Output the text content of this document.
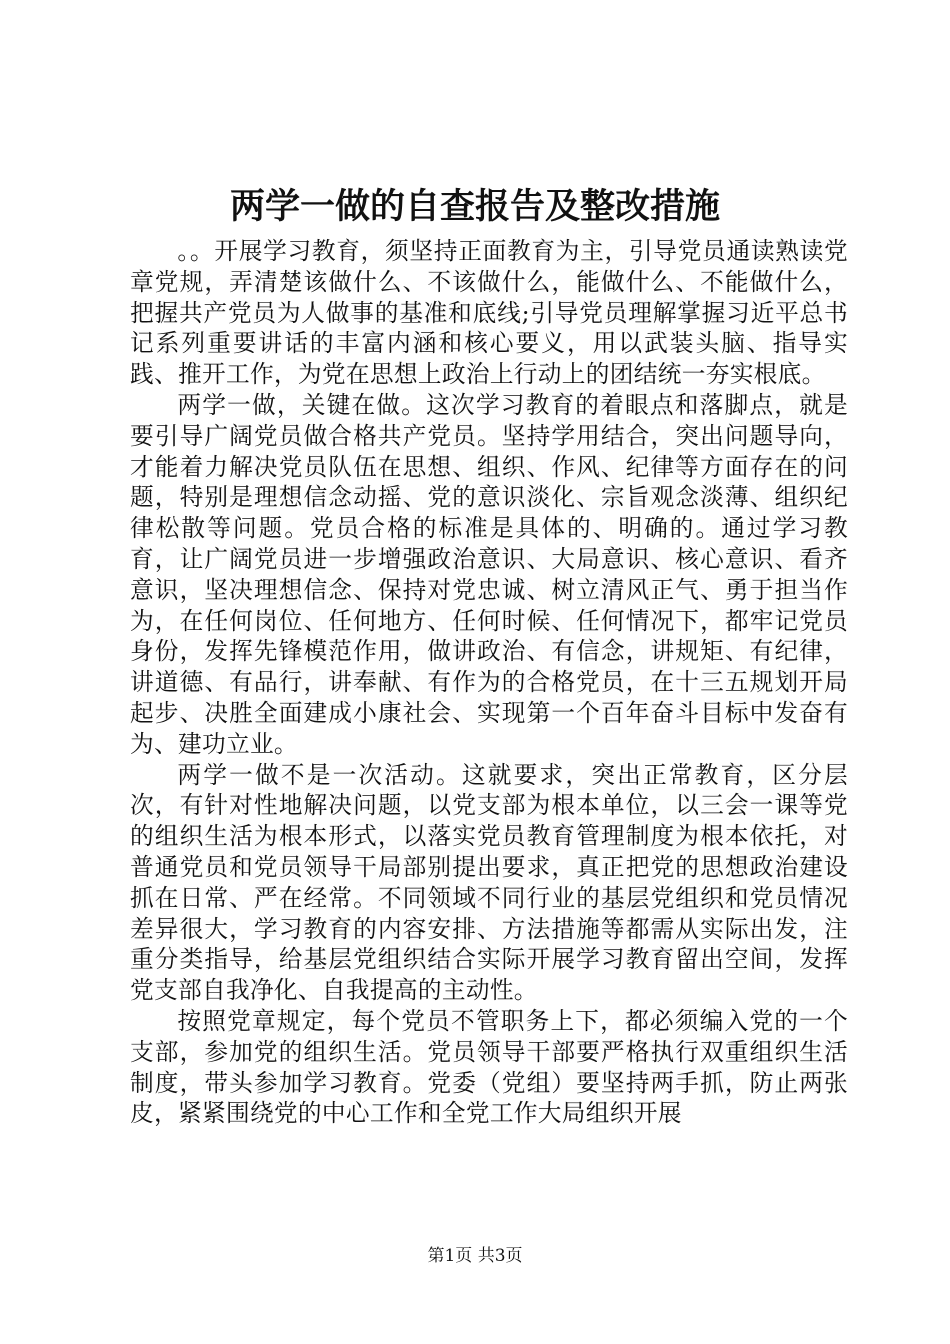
两学一做的自查报告及整改措施

。。开展学习教育，须坚持正面教育为主，引导党员通读熟读党章党规，弄清楚该做什么、不该做什么，能做什么、不能做什么，把握共产党员为人做事的基准和底线;引导党员理解掌握习近平总书记系列重要讲话的丰富内涵和核心要义，用以武装头脑、指导实践、推开工作，为党在思想上政治上行动上的团结统一夯实根底。

两学一做，关键在做。这次学习教育的着眼点和落脚点，就是要引导广阔党员做合格共产党员。坚持学用结合，突出问题导向，才能着力解决党员队伍在思想、组织、作风、纪律等方面存在的问题，特别是理想信念动摇、党的意识淡化、宗旨观念淡薄、组织纪律松散等问题。党员合格的标准是具体的、明确的。通过学习教育，让广阔党员进一步增强政治意识、大局意识、核心意识、看齐意识，坚决理想信念、保持对党忠诚、树立清风正气、勇于担当作为，在任何岗位、任何地方、任何时候、任何情况下，都牢记党员身份，发挥先锋模范作用，做讲政治、有信念，讲规矩、有纪律，讲道德、有品行，讲奉献、有作为的合格党员，在十三五规划开局起步、决胜全面建成小康社会、实现第一个百年奋斗目标中发奋有为、建功立业。

两学一做不是一次活动。这就要求，突出正常教育，区分层次，有针对性地解决问题，以党支部为根本单位，以三会一课等党的组织生活为根本形式，以落实党员教育管理制度为根本依托，对普通党员和党员领导干局部别提出要求，真正把党的思想政治建设抓在日常、严在经常。不同领域不同行业的基层党组织和党员情况差异很大，学习教育的内容安排、方法措施等都需从实际出发，注重分类指导，给基层党组织结合实际开展学习教育留出空间，发挥党支部自我净化、自我提高的主动性。

按照党章规定，每个党员不管职务上下，都必须编入党的一个支部，参加党的组织生活。党员领导干部要严格执行双重组织生活制度，带头参加学习教育。党委（党组）要坚持两手抓，防止两张皮，紧紧围绕党的中心工作和全党工作大局组织开展

第1页 共3页
